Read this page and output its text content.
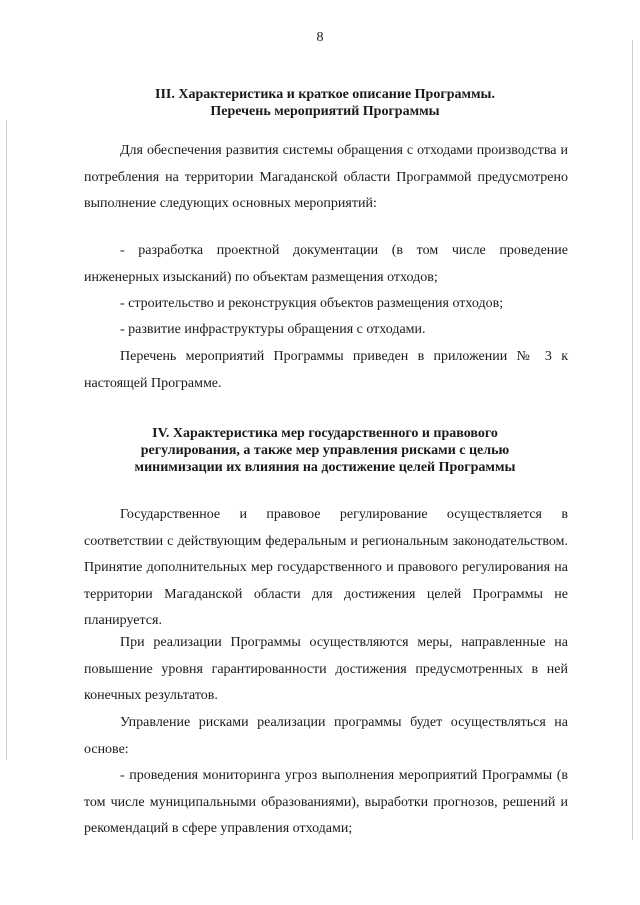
8
III. Характеристика и краткое описание Программы.
Перечень мероприятий Программы
Для обеспечения развития системы обращения с отходами производства и потребления на территории Магаданской области Программой предусмотрено выполнение следующих основных мероприятий:
- разработка проектной документации (в том числе проведение инженерных изысканий) по объектам размещения отходов;
- строительство и реконструкция объектов размещения отходов;
- развитие инфраструктуры обращения с отходами.
Перечень мероприятий Программы приведен в приложении № 3 к настоящей Программе.
IV. Характеристика мер государственного и правового
регулирования, а также мер управления рисками с целью
минимизации их влияния на достижение целей Программы
Государственное и правовое регулирование осуществляется в соответствии с действующим федеральным и региональным законодательством. Принятие дополнительных мер государственного и правового регулирования на территории Магаданской области для достижения целей Программы не планируется.
При реализации Программы осуществляются меры, направленные на повышение уровня гарантированности достижения предусмотренных в ней конечных результатов.
Управление рисками реализации программы будет осуществляться на основе:
- проведения мониторинга угроз выполнения мероприятий Программы (в том числе муниципальными образованиями), выработки прогнозов, решений и рекомендаций в сфере управления отходами;
